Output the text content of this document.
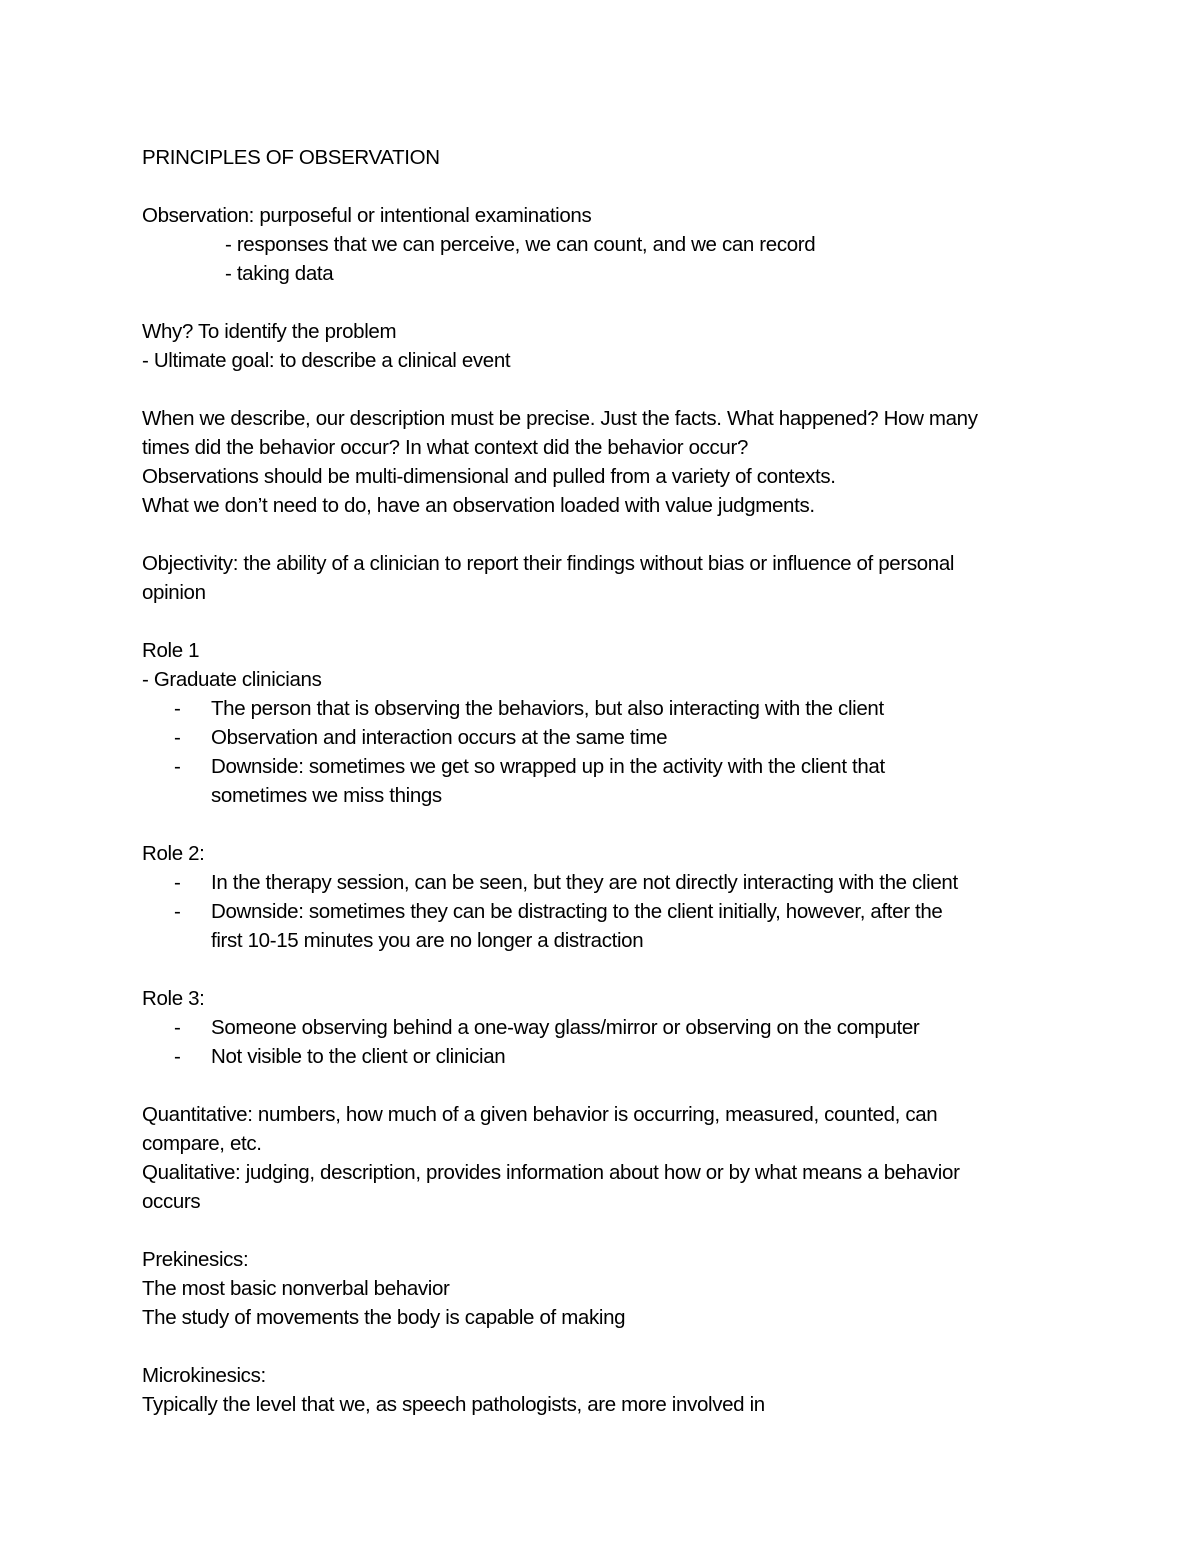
PRINCIPLES OF OBSERVATION
Observation: purposeful or intentional examinations
- responses that we can perceive, we can count, and we can record
- taking data
Why? To identify the problem
- Ultimate goal: to describe a clinical event
When we describe, our description must be precise. Just the facts. What happened? How many
times did the behavior occur? In what context did the behavior occur?
Observations should be multi-dimensional and pulled from a variety of contexts.
What we don’t need to do, have an observation loaded with value judgments.
Objectivity: the ability of a clinician to report their findings without bias or influence of personal
opinion
Role 1
- Graduate clinicians
- The person that is observing the behaviors, but also interacting with the client
- Observation and interaction occurs at the same time
- Downside: sometimes we get so wrapped up in the activity with the client that
sometimes we miss things
Role 2:
- In the therapy session, can be seen, but they are not directly interacting with the client
- Downside: sometimes they can be distracting to the client initially, however, after the
first 10-15 minutes you are no longer a distraction
Role 3:
- Someone observing behind a one-way glass/mirror or observing on the computer
- Not visible to the client or clinician
Quantitative: numbers, how much of a given behavior is occurring, measured, counted, can
compare, etc.
Qualitative: judging, description, provides information about how or by what means a behavior
occurs
Prekinesics:
The most basic nonverbal behavior
The study of movements the body is capable of making
Microkinesics:
Typically the level that we, as speech pathologists, are more involved in
